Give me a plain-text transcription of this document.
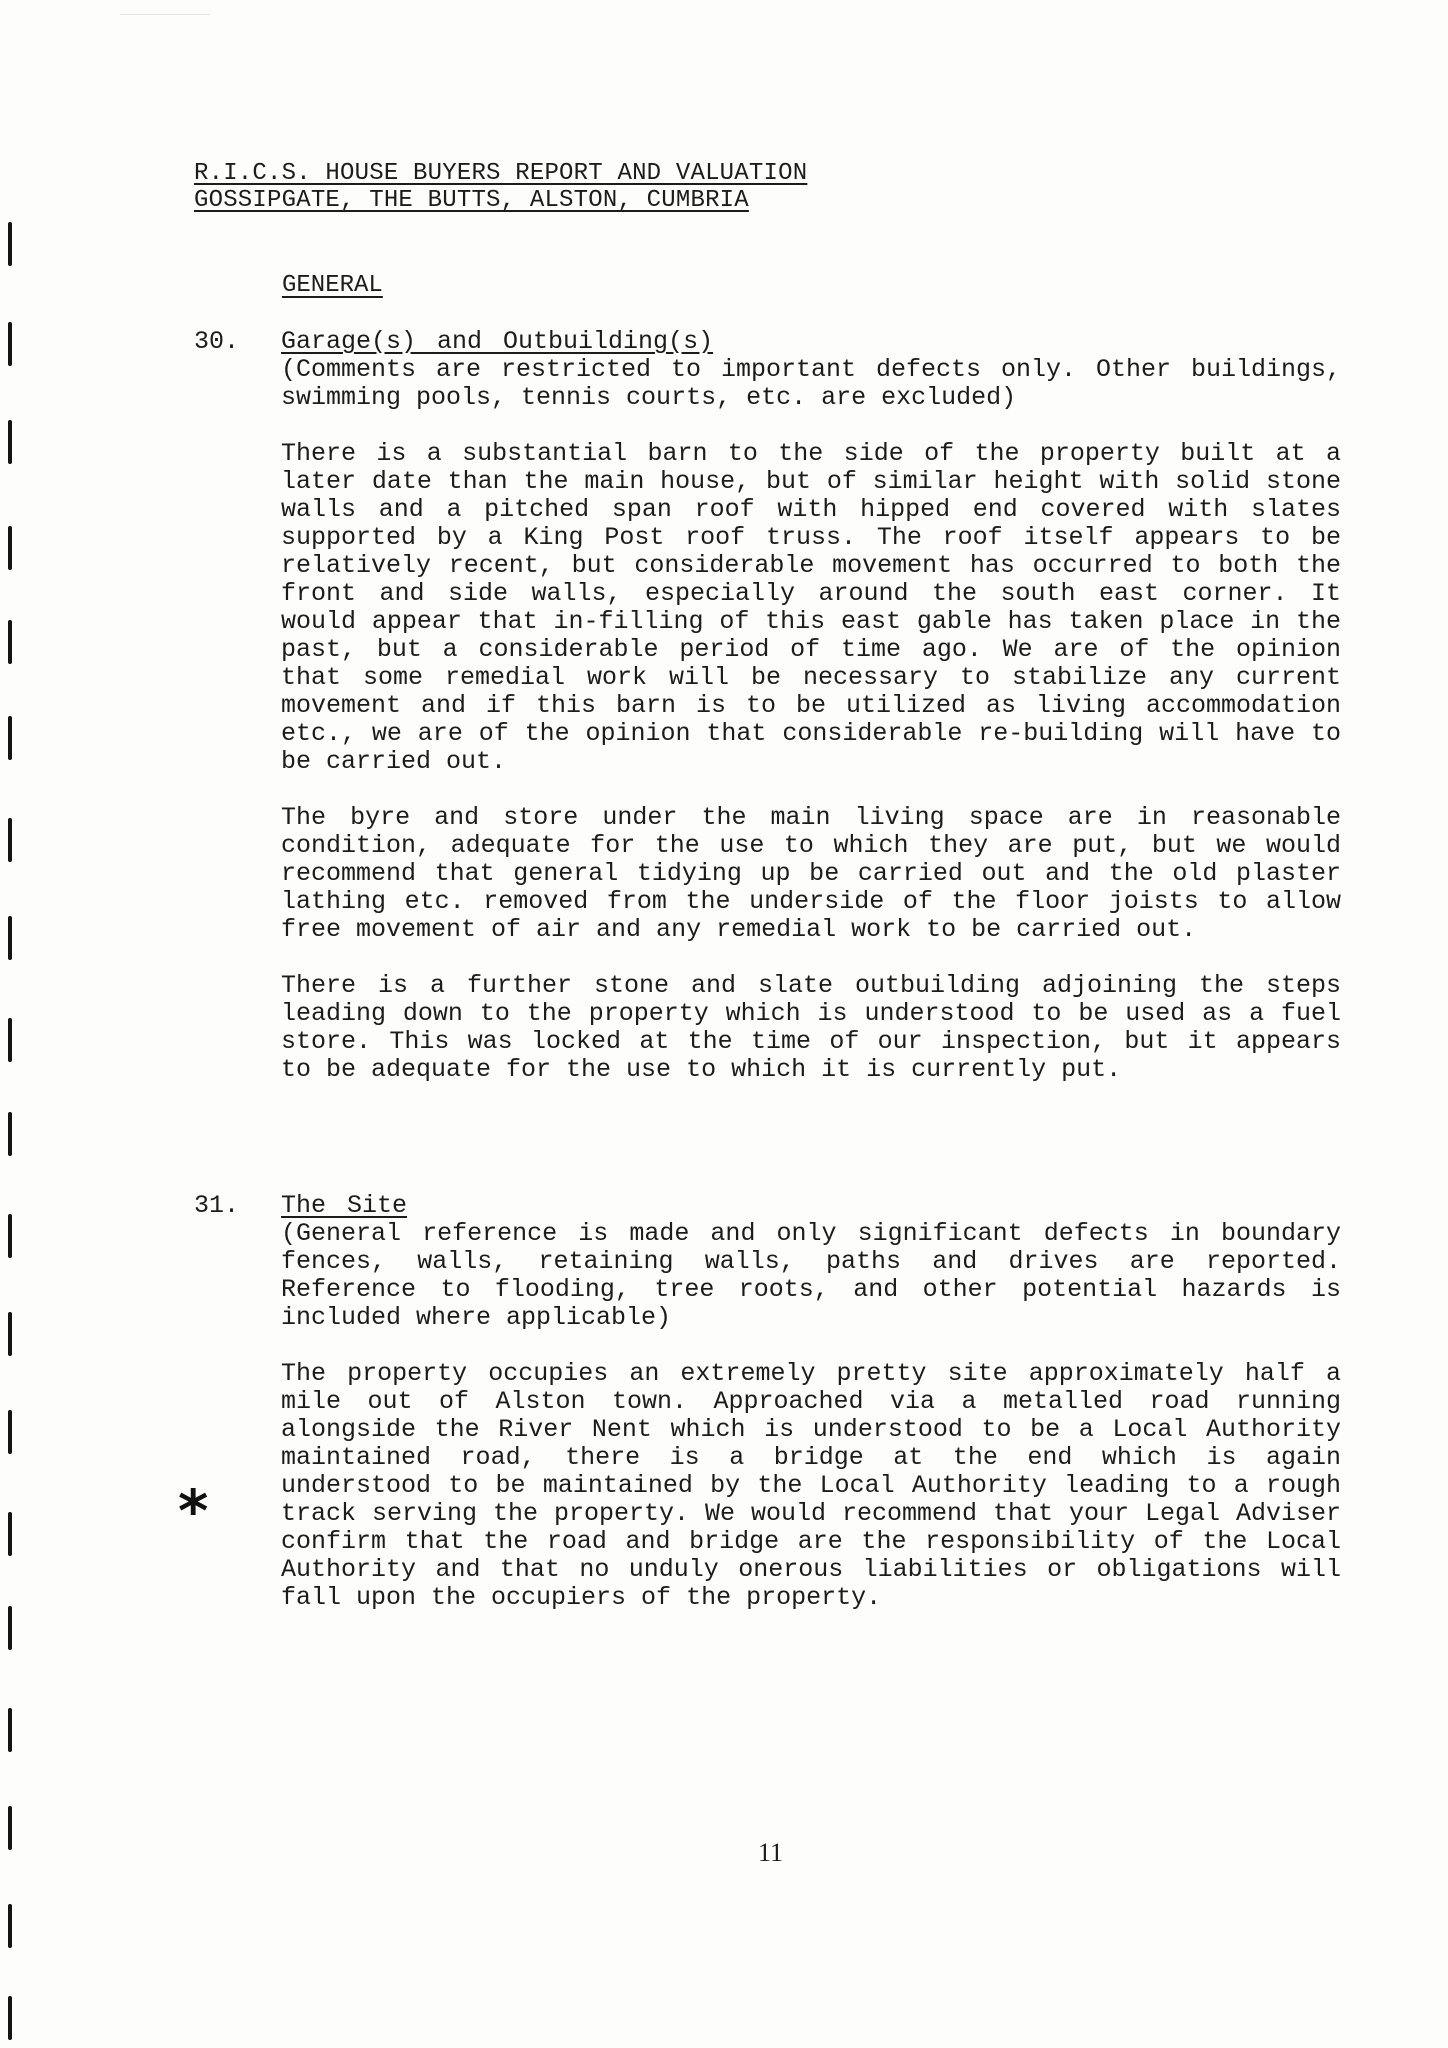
R.I.C.S. HOUSE BUYERS REPORT AND VALUATION
GOSSIPGATE, THE BUTTS, ALSTON, CUMBRIA
GENERAL
30. Garage(s) and Outbuilding(s)

(Comments are restricted to important defects only. Other buildings, swimming pools, tennis courts, etc. are excluded)

There is a substantial barn to the side of the property built at a later date than the main house, but of similar height with solid stone walls and a pitched span roof with hipped end covered with slates supported by a King Post roof truss. The roof itself appears to be relatively recent, but considerable movement has occurred to both the front and side walls, especially around the south east corner. It would appear that in-filling of this east gable has taken place in the past, but a considerable period of time ago. We are of the opinion that some remedial work will be necessary to stabilize any current movement and if this barn is to be utilized as living accommodation etc., we are of the opinion that considerable re-building will have to be carried out.

The byre and store under the main living space are in reasonable condition, adequate for the use to which they are put, but we would recommend that general tidying up be carried out and the old plaster lathing etc. removed from the underside of the floor joists to allow free movement of air and any remedial work to be carried out.

There is a further stone and slate outbuilding adjoining the steps leading down to the property which is understood to be used as a fuel store. This was locked at the time of our inspection, but it appears to be adequate for the use to which it is currently put.

31. The Site

(General reference is made and only significant defects in boundary fences, walls, retaining walls, paths and drives are reported. Reference to flooding, tree roots, and other potential hazards is included where applicable)

The property occupies an extremely pretty site approximately half a mile out of Alston town. Approached via a metalled road running alongside the River Nent which is understood to be a Local Authority maintained road, there is a bridge at the end which is again understood to be maintained by the Local Authority leading to a rough track serving the property. We would recommend that your Legal Adviser confirm that the road and bridge are the responsibility of the Local Authority and that no unduly onerous liabilities or obligations will fall upon the occupiers of the property.

*
11
